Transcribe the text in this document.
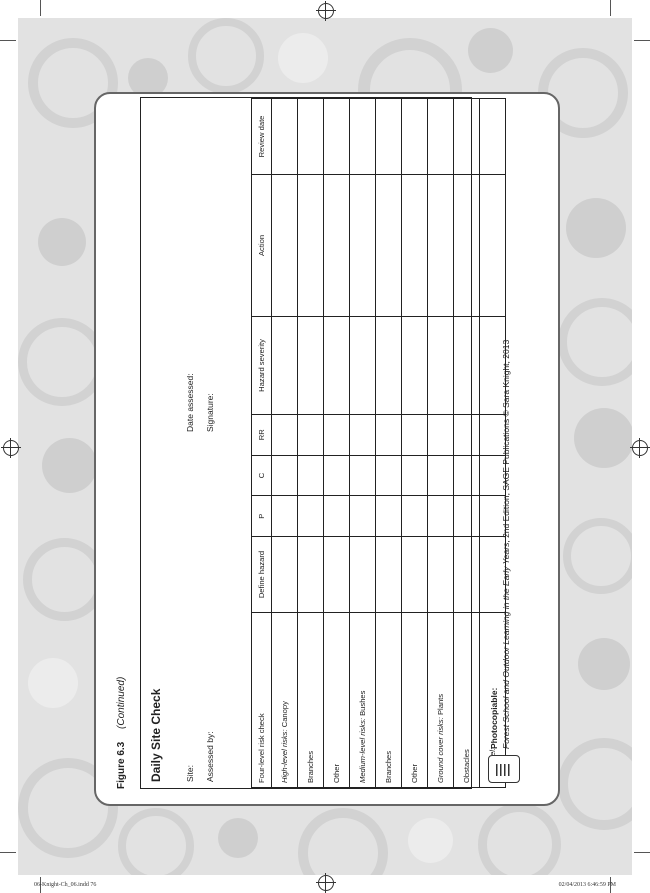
06-Knight-Ch_06.indd 76	02/04/2013 6:46:59 PM
Figure 6.3 (Continued) Daily Site Check	Site: Assessed by:
Date assessed: Signature:
Four-level risk check	Define hazard	P	C	RR	Hazard severity	Action	Review date
High-level risks: Canopy							
Branches							
Other							
Medium-level risks: Bushes							
Branches							
Other							
Ground cover risks: Plants							
Obstacles							

Photocopiable: Forest School and Outdoor Learning in the Early Years, 2nd Edition, SAGE Publications © Sara Knight, 2013
